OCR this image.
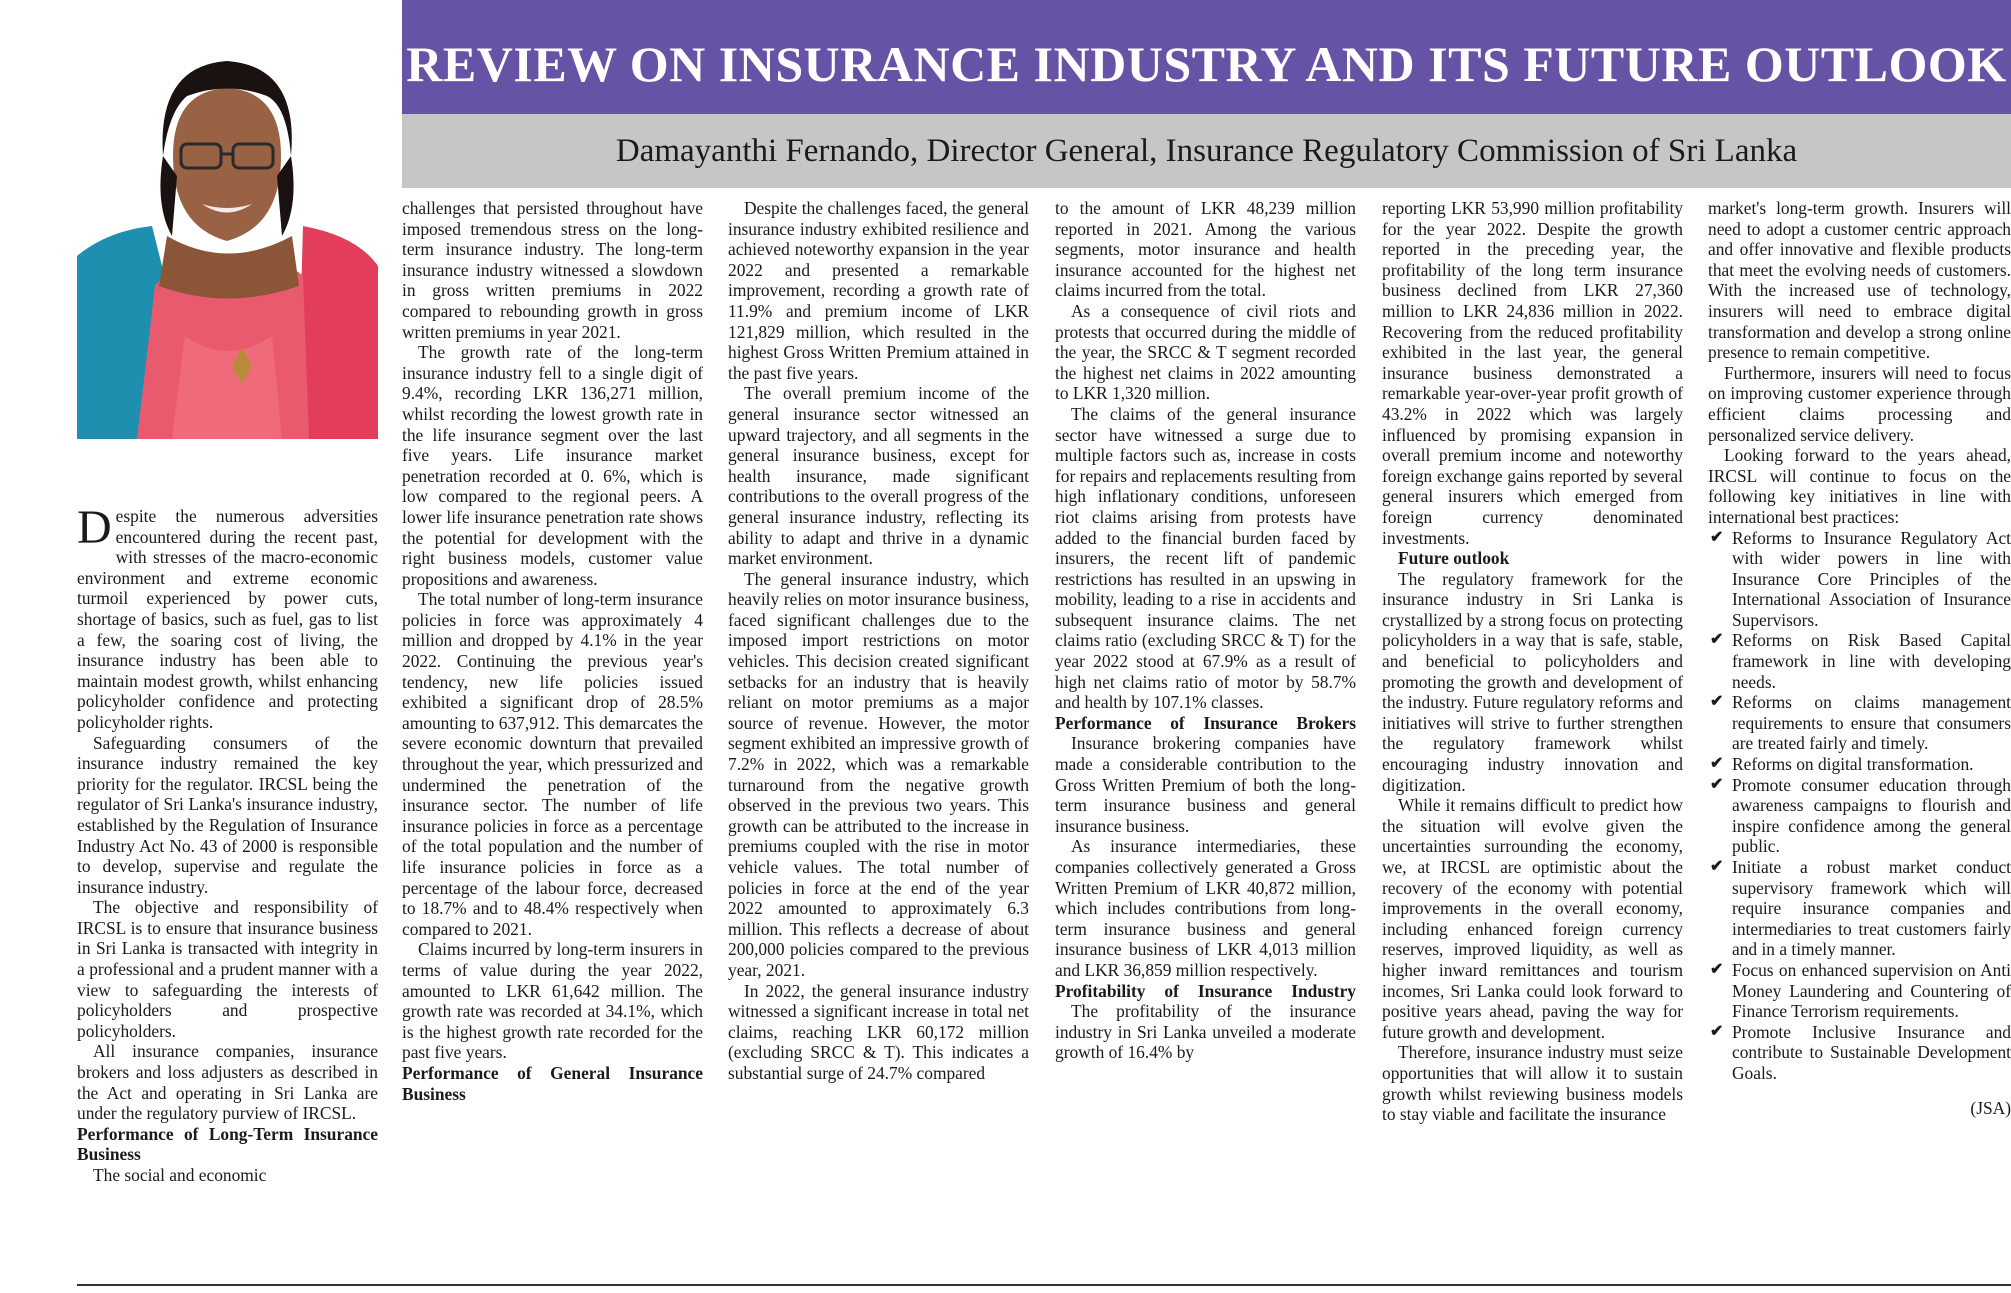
REVIEW ON INSURANCE INDUSTRY AND ITS FUTURE OUTLOOK
Damayanthi Fernando, Director General, Insurance Regulatory Commission of Sri Lanka

Despite the numerous adversities encountered during the recent past, with stresses of the macro-economic environment and extreme economic turmoil experienced by power cuts, shortage of basics, such as fuel, gas to list a few, the soaring cost of living, the insurance industry has been able to maintain modest growth, whilst enhancing policyholder confidence and protecting policyholder rights.

Safeguarding consumers of the insurance industry remained the key priority for the regulator. IRCSL being the regulator of Sri Lanka's insurance industry, established by the Regulation of Insurance Industry Act No. 43 of 2000 is responsible to develop, supervise and regulate the insurance industry.

The objective and responsibility of IRCSL is to ensure that insurance business in Sri Lanka is transacted with integrity in a professional and a prudent manner with a view to safeguarding the interests of policyholders and prospective policyholders.

All insurance companies, insurance brokers and loss adjusters as described in the Act and operating in Sri Lanka are under the regulatory purview of IRCSL.

Performance of Long-Term Insurance Business

The social and economic

challenges that persisted throughout have imposed tremendous stress on the long-term insurance industry. The long-term insurance industry witnessed a slowdown in gross written premiums in 2022 compared to rebounding growth in gross written premiums in year 2021.

The growth rate of the long-term insurance industry fell to a single digit of 9.4%, recording LKR 136,271 million, whilst recording the lowest growth rate in the life insurance segment over the last five years. Life insurance market penetration recorded at 0. 6%, which is low compared to the regional peers. A lower life insurance penetration rate shows the potential for development with the right business models, customer value propositions and awareness.

The total number of long-term insurance policies in force was approximately 4 million and dropped by 4.1% in the year 2022. Continuing the previous year's tendency, new life policies issued exhibited a significant drop of 28.5% amounting to 637,912. This demarcates the severe economic downturn that prevailed throughout the year, which pressurized and undermined the penetration of the insurance sector. The number of life insurance policies in force as a percentage of the total population and the number of life insurance policies in force as a percentage of the labour force, decreased to 18.7% and to 48.4% respectively when compared to 2021.

Claims incurred by long-term insurers in terms of value during the year 2022, amounted to LKR 61,642 million. The growth rate was recorded at 34.1%, which is the highest growth rate recorded for the past five years.

Performance of General Insurance Business

Despite the challenges faced, the general insurance industry exhibited resilience and achieved noteworthy expansion in the year 2022 and presented a remarkable improvement, recording a growth rate of 11.9% and premium income of LKR 121,829 million, which resulted in the highest Gross Written Premium attained in the past five years.

The overall premium income of the general insurance sector witnessed an upward trajectory, and all segments in the general insurance business, except for health insurance, made significant contributions to the overall progress of the general insurance industry, reflecting its ability to adapt and thrive in a dynamic market environment.

The general insurance industry, which heavily relies on motor insurance business, faced significant challenges due to the imposed import restrictions on motor vehicles. This decision created significant setbacks for an industry that is heavily reliant on motor premiums as a major source of revenue. However, the motor segment exhibited an impressive growth of 7.2% in 2022, which was a remarkable turnaround from the negative growth observed in the previous two years. This growth can be attributed to the increase in premiums coupled with the rise in motor vehicle values. The total number of policies in force at the end of the year 2022 amounted to approximately 6.3 million. This reflects a decrease of about 200,000 policies compared to the previous year, 2021.

In 2022, the general insurance industry witnessed a significant increase in total net claims, reaching LKR 60,172 million (excluding SRCC & T). This indicates a substantial surge of 24.7% compared

to the amount of LKR 48,239 million reported in 2021. Among the various segments, motor insurance and health insurance accounted for the highest net claims incurred from the total.

As a consequence of civil riots and protests that occurred during the middle of the year, the SRCC & T segment recorded the highest net claims in 2022 amounting to LKR 1,320 million.

The claims of the general insurance sector have witnessed a surge due to multiple factors such as, increase in costs for repairs and replacements resulting from high inflationary conditions, unforeseen riot claims arising from protests have added to the financial burden faced by insurers, the recent lift of pandemic restrictions has resulted in an upswing in mobility, leading to a rise in accidents and subsequent insurance claims. The net claims ratio (excluding SRCC & T) for the year 2022 stood at 67.9% as a result of high net claims ratio of motor by 58.7% and health by 107.1% classes.

Performance of Insurance Brokers

Insurance brokering companies have made a considerable contribution to the Gross Written Premium of both the long-term insurance business and general insurance business.

As insurance intermediaries, these companies collectively generated a Gross Written Premium of LKR 40,872 million, which includes contributions from long-term insurance business and general insurance business of LKR 4,013 million and LKR 36,859 million respectively.

Profitability of Insurance Industry

The profitability of the insurance industry in Sri Lanka unveiled a moderate growth of 16.4% by

reporting LKR 53,990 million profitability for the year 2022. Despite the growth reported in the preceding year, the profitability of the long term insurance business declined from LKR 27,360 million to LKR 24,836 million in 2022. Recovering from the reduced profitability exhibited in the last year, the general insurance business demonstrated a remarkable year-over-year profit growth of 43.2% in 2022 which was largely influenced by promising expansion in overall premium income and noteworthy foreign exchange gains reported by several general insurers which emerged from foreign currency denominated investments.

Future outlook

The regulatory framework for the insurance industry in Sri Lanka is crystallized by a strong focus on protecting policyholders in a way that is safe, stable, and beneficial to policyholders and promoting the growth and development of the industry. Future regulatory reforms and initiatives will strive to further strengthen the regulatory framework whilst encouraging industry innovation and digitization.

While it remains difficult to predict how the situation will evolve given the uncertainties surrounding the economy, we, at IRCSL are optimistic about the recovery of the economy with potential improvements in the overall economy, including enhanced foreign currency reserves, improved liquidity, as well as higher inward remittances and tourism incomes, Sri Lanka could look forward to positive years ahead, paving the way for future growth and development.

Therefore, insurance industry must seize opportunities that will allow it to sustain growth whilst reviewing business models to stay viable and facilitate the insurance

market's long-term growth. Insurers will need to adopt a customer centric approach and offer innovative and flexible products that meet the evolving needs of customers. With the increased use of technology, insurers will need to embrace digital transformation and develop a strong online presence to remain competitive.

Furthermore, insurers will need to focus on improving customer experience through efficient claims processing and personalized service delivery.

Looking forward to the years ahead, IRCSL will continue to focus on the following key initiatives in line with international best practices:

✔ Reforms to Insurance Regulatory Act with wider powers in line with Insurance Core Principles of the International Association of Insurance Supervisors.
✔ Reforms on Risk Based Capital framework in line with developing needs.
✔ Reforms on claims management requirements to ensure that consumers are treated fairly and timely.
✔ Reforms on digital transformation.
✔ Promote consumer education through awareness campaigns to flourish and inspire confidence among the general public.
✔ Initiate a robust market conduct supervisory framework which will require insurance companies and intermediaries to treat customers fairly and in a timely manner.
✔ Focus on enhanced supervision on Anti Money Laundering and Countering of Finance Terrorism requirements.
✔ Promote Inclusive Insurance and contribute to Sustainable Development Goals.
(JSA)
